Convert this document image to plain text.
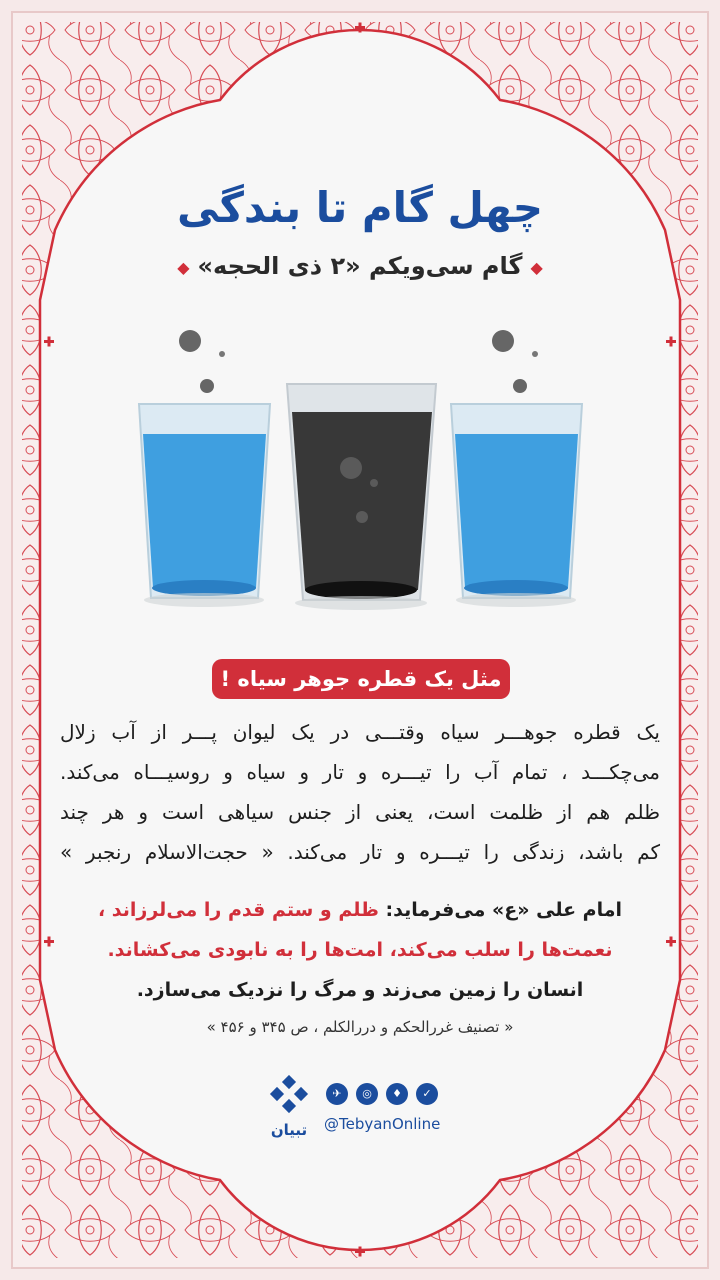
چهل گام تا بندگی
◆گام سی‌ویکم «۲ ذی الحجه»◆
مثل یک قطره جوهر سیاه !

یک قطره جوهـــر سیاه وقتـــی در یک لیوان پـــر از آب زلال

می‌چکـــد ، تمام آب را تیـــره و تار و سیاه و روسیـــاه می‌کند.

ظلم هم از ظلمت است، یعنی از جنس سیاهی است و هر چند

کم باشد، زندگی را تیـــره و تار می‌کند. « حجت‌الاسلام رنجبر »

امام علی «ع» می‌فرماید: ظلم و ستم قدم را می‌لرزاند ،

نعمت‌ها را سلب می‌کند، امت‌ها را به نابودی می‌کشاند.

انسان را زمین می‌زند و مرگ را نزدیک می‌سازد.

« تصنیف غررالحکم و دررالکلم ، ص ۳۴۵ و ۴۵۶ »
تبیان
✈	◎	♦	✓
@TebyanOnline
